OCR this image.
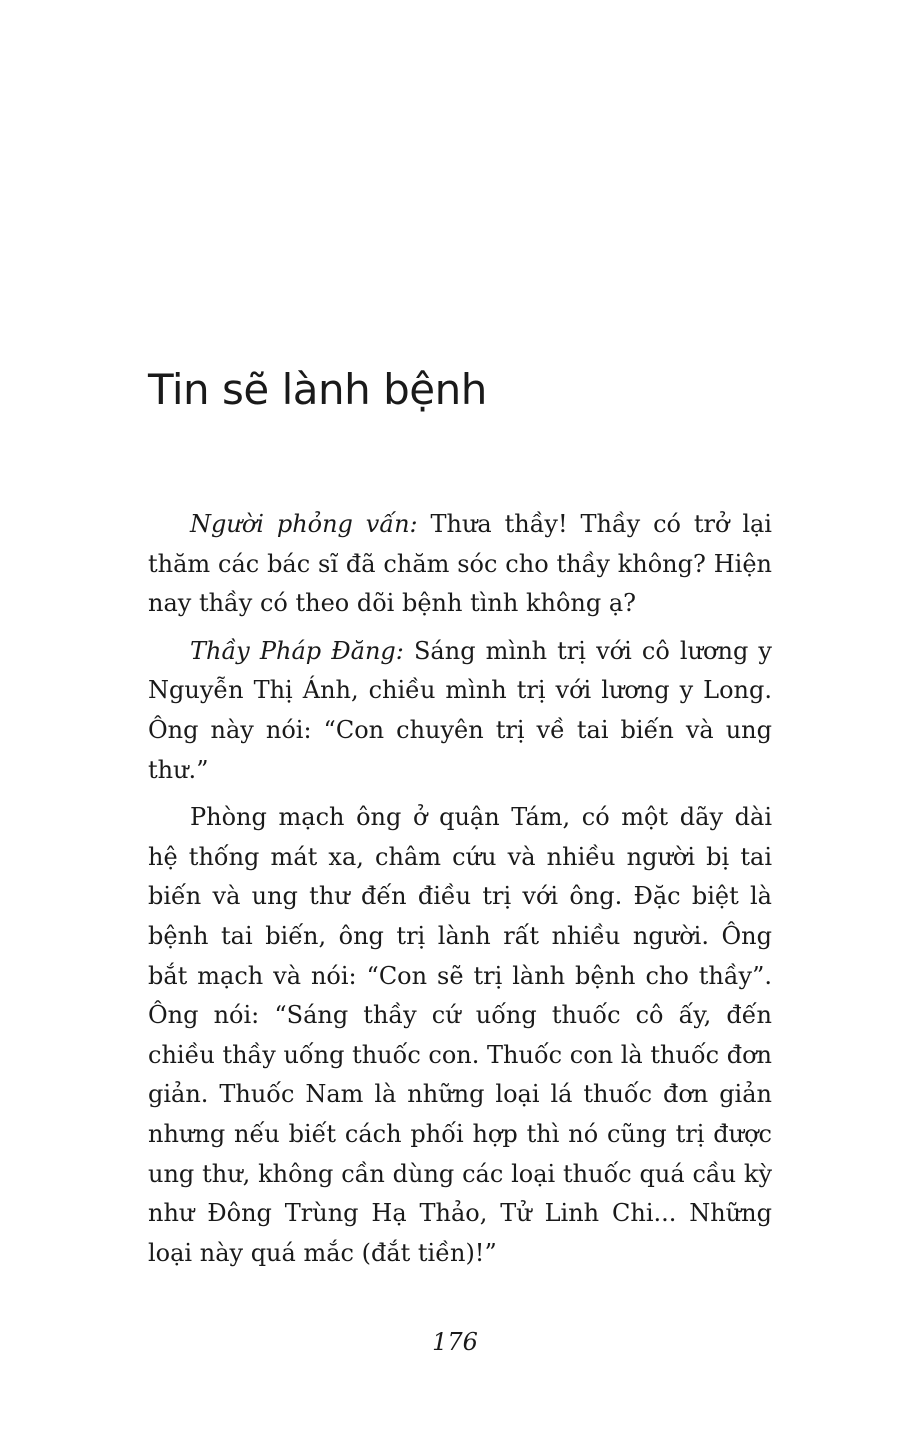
Tin sẽ lành bệnh

Người phỏng vấn: Thưa thầy! Thầy có trở lại thăm các bác sĩ đã chăm sóc cho thầy không? Hiện nay thầy có theo dõi bệnh tình không ạ?

Thầy Pháp Đăng: Sáng mình trị với cô lương y Nguyễn Thị Ánh, chiều mình trị với lương y Long. Ông này nói: “Con chuyên trị về tai biến và ung thư.”

Phòng mạch ông ở quận Tám, có một dãy dài hệ thống mát xa, châm cứu và nhiều người bị tai biến và ung thư đến điều trị với ông. Đặc biệt là bệnh tai biến, ông trị lành rất nhiều người. Ông bắt mạch và nói: “Con sẽ trị lành bệnh cho thầy”. Ông nói: “Sáng thầy cứ uống thuốc cô ấy, đến chiều thầy uống thuốc con. Thuốc con là thuốc đơn giản. Thuốc Nam là những loại lá thuốc đơn giản nhưng nếu biết cách phối hợp thì nó cũng trị được ung thư, không cần dùng các loại thuốc quá cầu kỳ như Đông Trùng Hạ Thảo, Tử Linh Chi... Những loại này quá mắc (đắt tiền)!”

176
